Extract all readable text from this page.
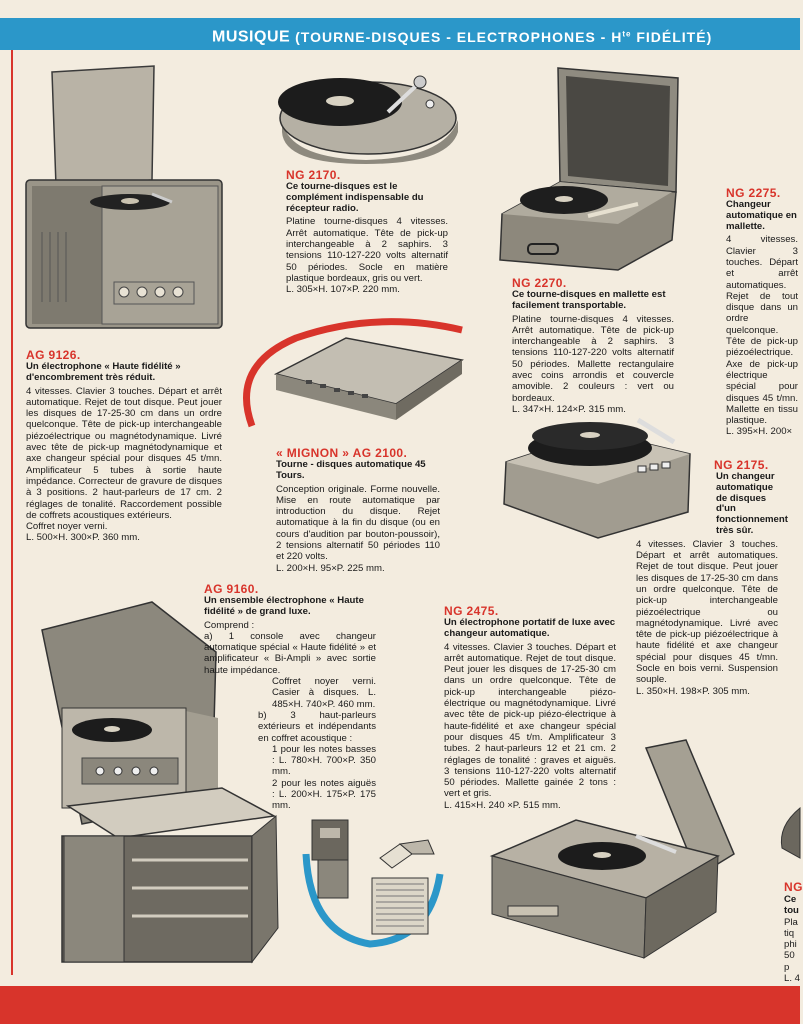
MUSIQUE (TOURNE-DISQUES - ELECTROPHONES - $H^{te}$ FIDÉLITÉ)
NG 2170.
Ce tourne-disques est le complément indispensable du récepteur radio.
Platine tourne-disques 4 vitesses. Arrêt automatique. Tête de pick-up interchangeable à 2 saphirs. 3 tensions 110-127-220 volts alternatif 50 périodes. Socle en matière plastique bordeaux, gris ou vert.
L. 305×H. 107×P. 220 mm.
AG 9126.
Un électrophone « Haute fidélité » d'encombrement très réduit.
4 vitesses. Clavier 3 touches. Départ et arrêt automatique. Rejet de tout disque. Peut jouer les disques de 17-25-30 cm dans un ordre quelconque. Tête de pick-up interchangeable piézoélectrique ou magnétodynamique. Livré avec tête de pick-up magnétodynamique et axe changeur spécial pour disques 45 t/mn. Amplificateur 5 tubes à sortie haute impédance. Correcteur de gravure de disques à 3 positions. 2 haut-parleurs de 17 cm. 2 réglages de tonalité. Raccordement possible de coffrets acoustiques extérieurs.
Coffret noyer verni.
L. 500×H. 300×P. 360 mm.
NG 2270.
Ce tourne-disques en mallette est facilement transportable.
Platine tourne-disques 4 vitesses. Arrêt automatique. Tête de pick-up interchangeable à 2 saphirs. 3 tensions 110-127-220 volts alternatif 50 périodes. Mallette rectangulaire avec coins arrondis et couvercle amovible. 2 couleurs : vert ou bordeaux.
L. 347×H. 124×P. 315 mm.
NG 2275.
Changeur automatique en mallette.
4 vitesses. Clavier 3 touches. Départ et arrêt automatiques. Rejet de tout disque dans un ordre quelconque. Tête de pick-up piézoélectrique. Axe de pick-up électrique spécial pour disques 45 t/mn. Mallette en tissu plastique.
L. 395×H. 200×
« MIGNON » AG 2100.
Tourne - disques automatique 45 Tours.
Conception originale. Forme nouvelle. Mise en route automatique par introduction du disque. Rejet automatique à la fin du disque (ou en cours d'audition par bouton-poussoir), 2 tensions alternatif 50 périodes 110 et 220 volts.
L. 200×H. 95×P. 225 mm.
NG 2175.
Un changeur automatique de disques d'un fonctionnement très sûr.
4 vitesses. Clavier 3 touches. Départ et arrêt automatiques. Rejet de tout disque. Peut jouer les disques de 17-25-30 cm dans un ordre quelconque. Tête de pick-up interchangeable piézoélectrique ou magnétodynamique. Livré avec tête de pick-up piézoélectrique à haute fidélité et axe changeur spécial pour disques 45 t/mn. Socle en bois verni. Suspension souple.
L. 350×H. 198×P. 305 mm.
AG 9160.
Un ensemble électrophone « Haute fidélité » de grand luxe.
Comprend :
a) 1 console avec changeur automatique spécial « Haute fidélité » et amplificateur « Bi-Ampli » avec sortie haute impédance.
Coffret noyer verni. Casier à disques. L. 485×H. 740×P. 460 mm.
b) 3 haut-parleurs extérieurs et indépendants en coffret acoustique :
1 pour les notes basses : L. 780×H. 700×P. 350 mm.
2 pour les notes aiguës : L. 200×H. 175×P. 175 mm.
NG 2475.
Un électrophone portatif de luxe avec changeur automatique.
4 vitesses. Clavier 3 touches. Départ et arrêt automatique. Rejet de tout disque. Peut jouer les disques de 17-25-30 cm dans un ordre quelconque. Tête de pick-up interchangeable piézo-électrique ou magnétodynamique. Livré avec tête de pick-up piézo-électrique à haute-fidélité et axe changeur spécial pour disques 45 t/m. Amplificateur 3 tubes. 2 haut-parleurs 12 et 21 cm. 2 réglages de tonalité : graves et aiguës. 3 tensions 110-127-220 volts alternatif 50 périodes. Mallette gainée 2 tons : vert et gris.
L. 415×H. 240 ×P. 515 mm.
NG
Ce
tou
Pla
tiq
phi
50 p
L. 4
